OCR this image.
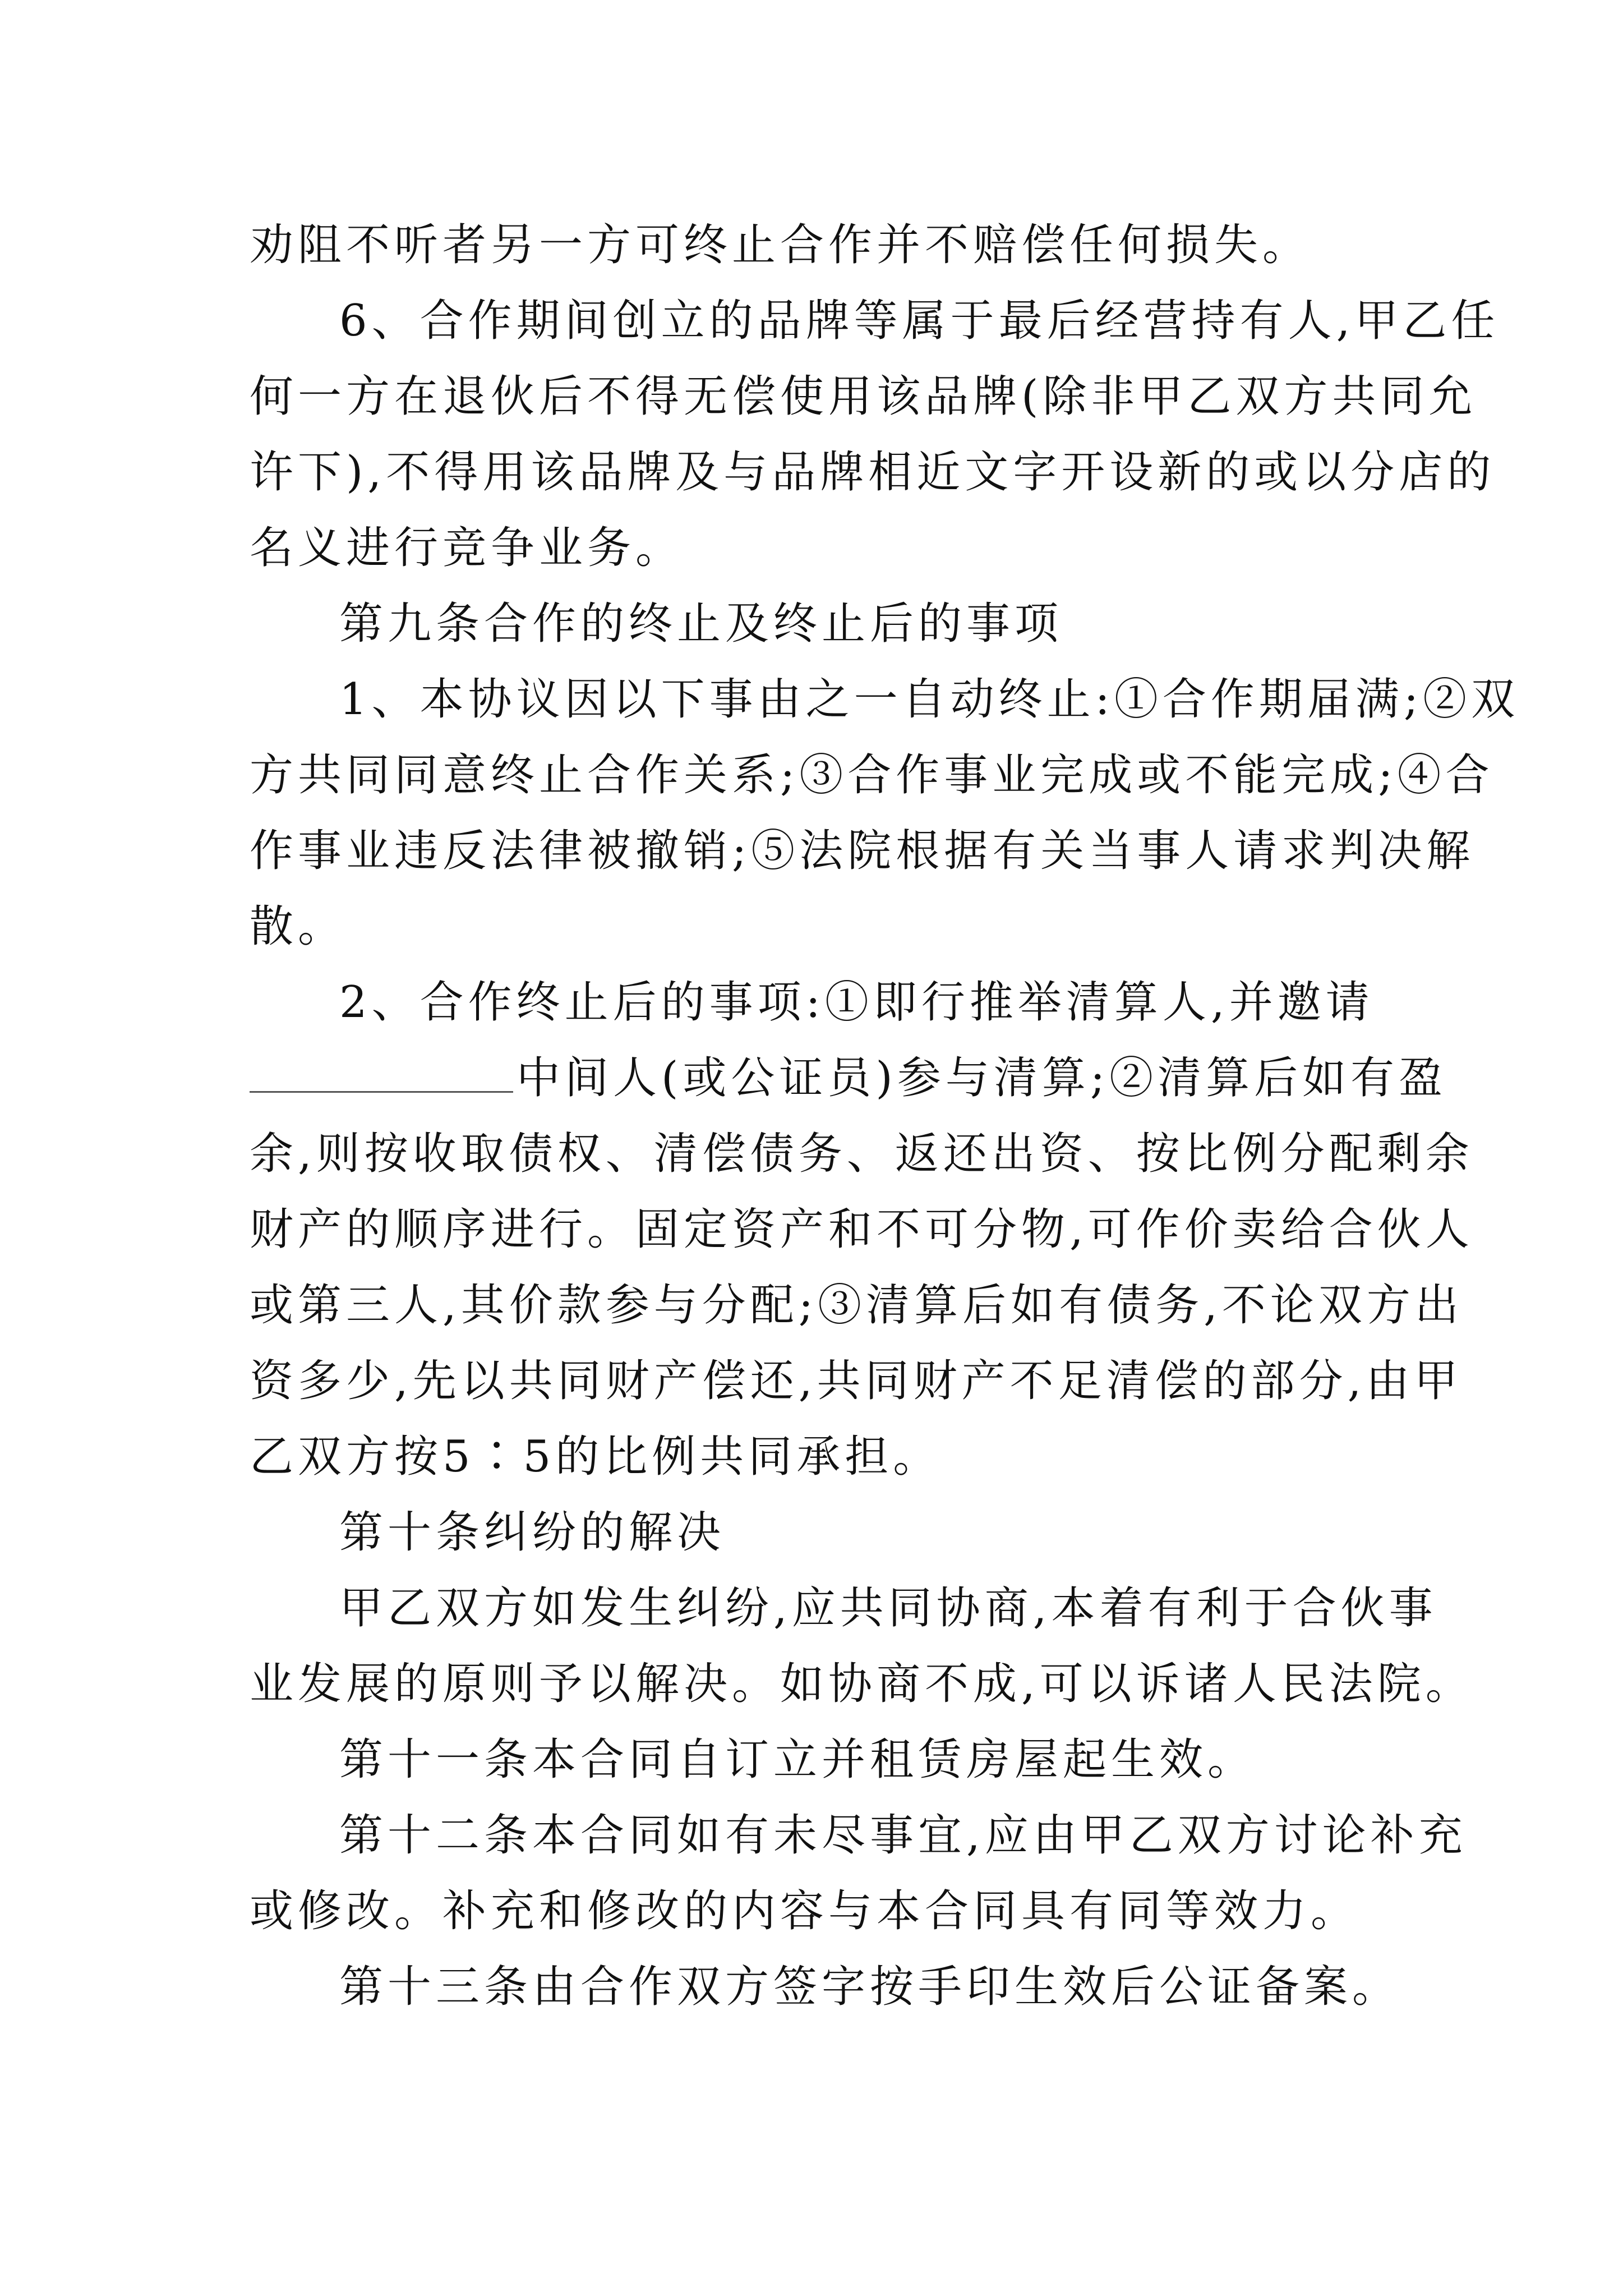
劝阻不听者另一方可终止合作并不赔偿任何损失。
6、合作期间创立的品牌等属于最后经营持有人,甲乙任
何一方在退伙后不得无偿使用该品牌(除非甲乙双方共同允
许下),不得用该品牌及与品牌相近文字开设新的或以分店的
名义进行竞争业务。
第九条合作的终止及终止后的事项
1、本协议因以下事由之一自动终止:①合作期届满;②双
方共同同意终止合作关系;③合作事业完成或不能完成;④合
作事业违反法律被撤销;⑤法院根据有关当事人请求判决解
散。
2、合作终止后的事项:①即行推举清算人,并邀请
中间人(或公证员)参与清算;②清算后如有盈
余,则按收取债权、清偿债务、返还出资、按比例分配剩余
财产的顺序进行。固定资产和不可分物,可作价卖给合伙人
或第三人,其价款参与分配;③清算后如有债务,不论双方出
资多少,先以共同财产偿还,共同财产不足清偿的部分,由甲
乙双方按5∶5的比例共同承担。
第十条纠纷的解决
甲乙双方如发生纠纷,应共同协商,本着有利于合伙事
业发展的原则予以解决。如协商不成,可以诉诸人民法院。
第十一条本合同自订立并租赁房屋起生效。
第十二条本合同如有未尽事宜,应由甲乙双方讨论补充
或修改。补充和修改的内容与本合同具有同等效力。
第十三条由合作双方签字按手印生效后公证备案。
